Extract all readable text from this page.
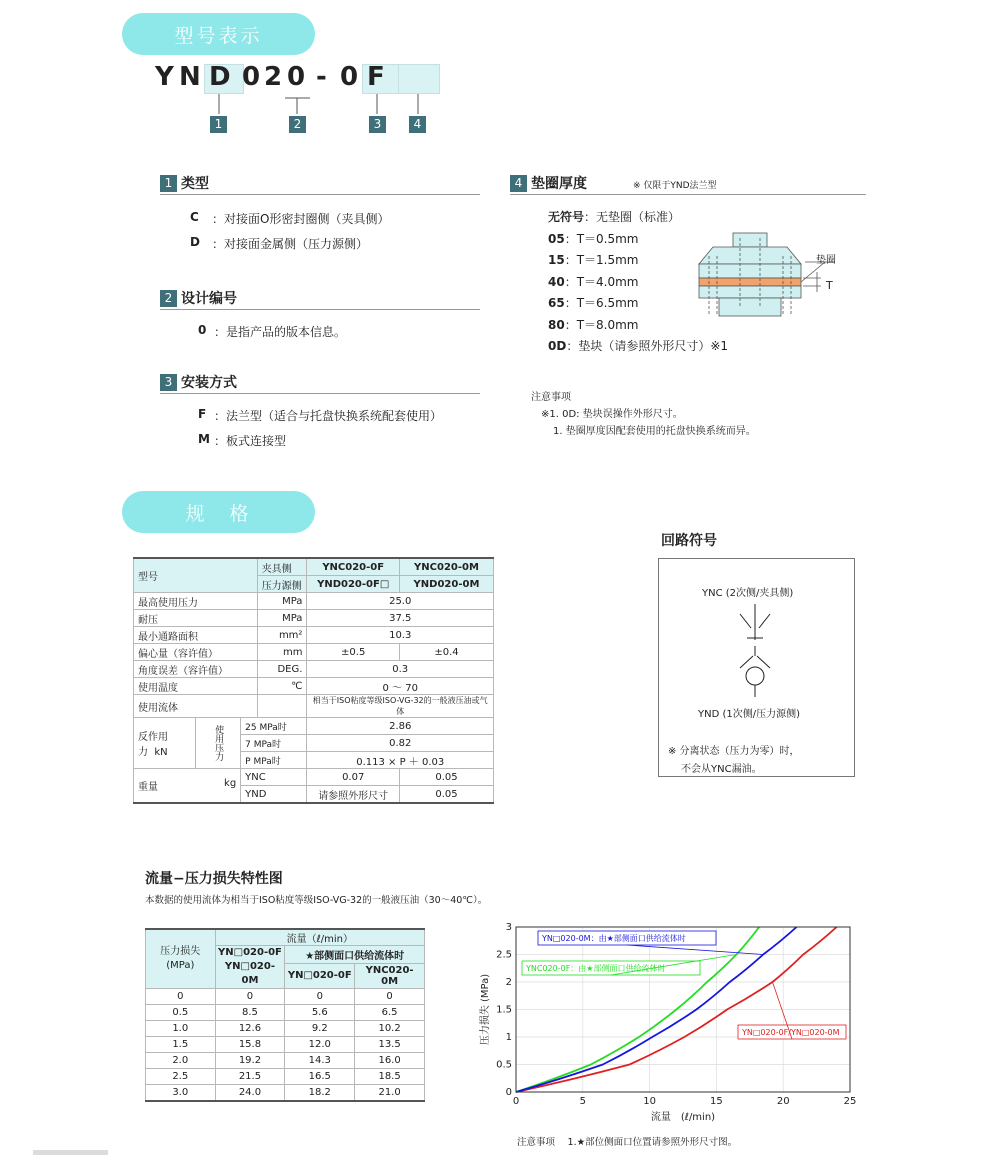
型号表示
Y N D 0 2 0 - 0 F
1	2	3	4
1 类型
C	：对接面O形密封圈侧（夹具侧）
D	：对接面金属侧（压力源侧）
2 设计编号
0 ：是指产品的版本信息。
3 安装方式
F ：法兰型（适合与托盘快换系统配套使用）
M ：板式连接型
4 垫圈厚度	※ 仅限于YND法兰型
无符号：无垫圈（标准）
05：T＝0.5mm
15：T＝1.5mm
40：T＝4.0mm
65：T＝6.5mm
80：T＝8.0mm
0D：垫块（请参照外形尺寸）※1
垫圈
T
注意事项
※1. 0D: 垫块误操作外形尺寸。
1. 垫圈厚度因配套使用的托盘快换系统而异。
规　格
型号			夹具侧	YNC020-0F	YNC020-0M
			压力源侧	YND020-0F□	YND020-0M
最高使用压力			MPa	25.0	
耐压			MPa	37.5	
最小通路面积			mm²	10.3	
偏心量（容许值）			mm	±0.5	±0.4
角度误差（容许值）			DEG.	0.3	
使用温度			℃	0 ～ 70	
使用流体				相当于ISO粘度等级ISO-VG-32的一般液压油或气体	
反作用力 kN	使用压力	25 MPa时		2.86	
		7 MPa时		0.82	
		P MPa时		0.113 × P ＋ 0.03	
重量 kg		YNC		0.07	0.05
		YND		请参照外形尺寸	0.05
回路符号
YNC (2次侧/夹具侧)
YND (1次侧/压力源侧)
※ 分离状态（压力为零）时，
不会从YNC漏油。
流量−压力损失特性图
本数据的使用流体为相当于ISO粘度等级ISO-VG-32的一般液压油（30～40℃）。
压力损失(MPa)	流量（ℓ/min）		

	YN□020-0F
YN□020-0M	★部侧面口供给流体时	
		YN□020-0F	YNC020-0M
0	0	0	0
0.5	8.5	5.6	6.5
1.0	12.6	9.2	10.2
1.5	15.8	12.0	13.5
2.0	19.2	14.3	16.0
2.5	21.5	16.5	18.5
3.0	24.0	18.2	21.0
0	5	10	15	20	25
0
0.5
1
1.5
2
2.5
3
压力损失 (MPa)
流量　(ℓ/min)
YN□020-0M：由★部侧面口供给流体时
YNC020-0F：由★部侧面口供给流体时
YN□020-0F/YN□020-0M
注意事项　 1.★部位侧面口位置请参照外形尺寸图。
